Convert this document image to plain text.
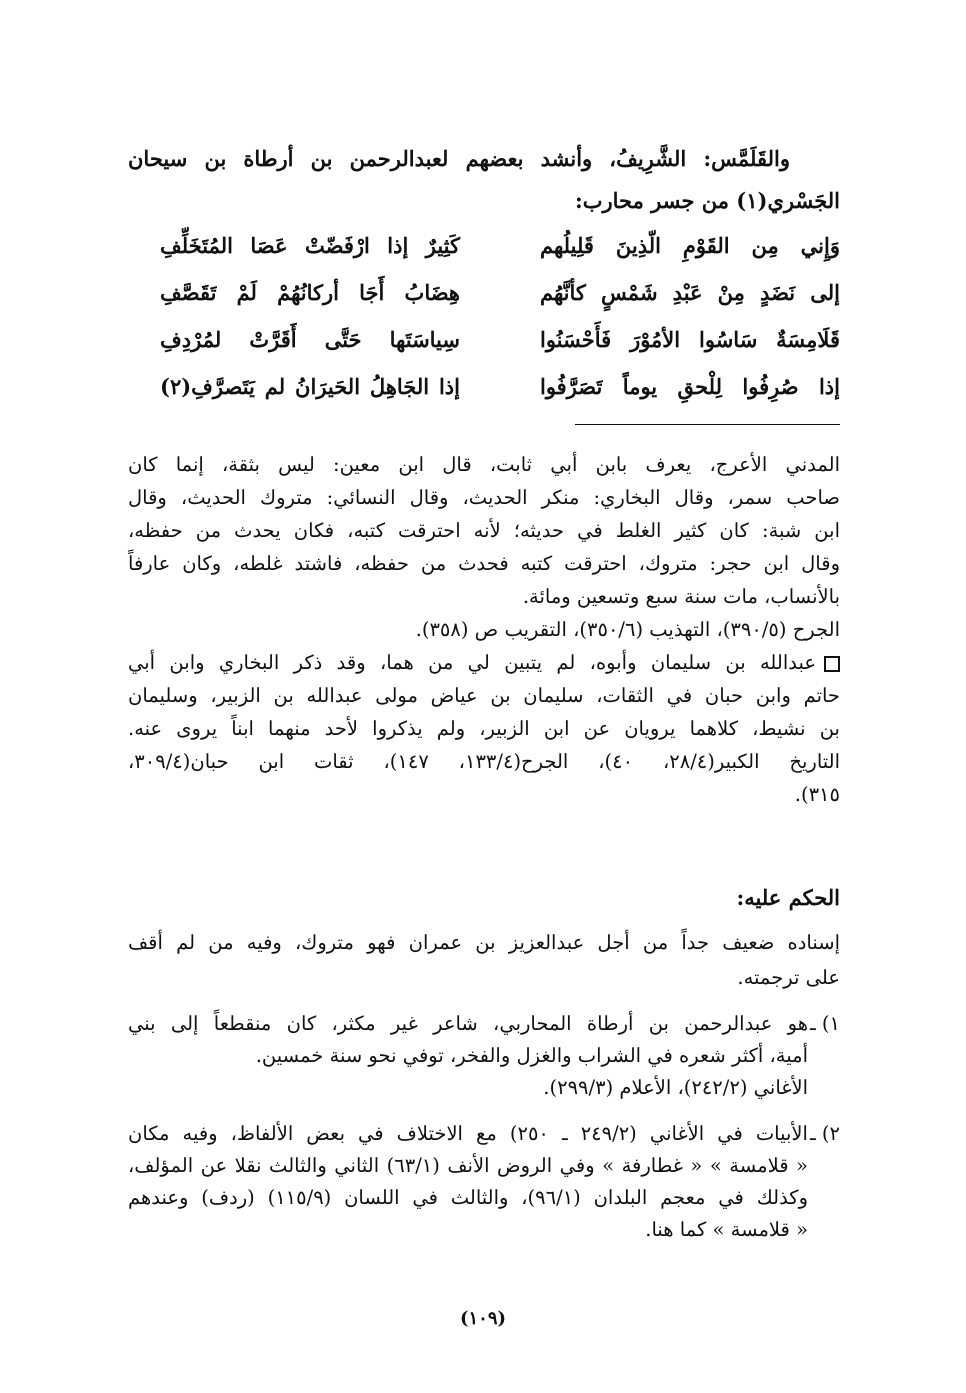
والقَلَمَّس: الشَّرِيفُ، وأنشد بعضهم لعبدالرحمن بن أرطاة بن سيحان
الجَسْري(١) من جسر محارب:
وَإِني مِن القَوْمِ الّذِينَ قَلِيلُهم
كَثِيرٌ إذا ارْفَضّتْ عَصَا المُتَخَلِّفِ
إلى نَضَدٍ مِنْ عَبْدِ شَمْسٍ كأنَّهُم
هِضَابُ أَجَا أركانُهُمْ لَمْ تَقَصَّفِ
قَلَامِسَةٌ سَاسُوا الأمُوْرَ فَأَحْسَنُوا
سِياسَتَها حَتَّى أَقَرَّتْ لمُرْدِفِ
إذا صُرِفُوا لِلْحقِ يوماً تَصَرَّفُوا
إذا الجَاهِلُ الحَيرَانُ لم يَتَصرَّفِ(٢)

المدني الأعرج، يعرف بابن أبي ثابت، قال ابن معين: ليس بثقة، إنما كان

صاحب سمر، وقال البخاري: منكر الحديث، وقال النسائي: متروك الحديث، وقال

ابن شبة: كان كثير الغلط في حديثه؛ لأنه احترقت كتبه، فكان يحدث من حفظه،

وقال ابن حجر: متروك، احترقت كتبه فحدث من حفظه، فاشتد غلطه، وكان عارفاً

بالأنساب، مات سنة سبع وتسعين ومائة.

الجرح (٣٩٠/٥)، التهذيب (٣٥٠/٦)، التقريب ص (٣٥٨).

عبدالله بن سليمان وأبوه، لم يتبين لي من هما، وقد ذكر البخاري وابن أبي

حاتم وابن حبان في الثقات، سليمان بن عياض مولى عبدالله بن الزبير، وسليمان

بن نشيط، كلاهما يرويان عن ابن الزبير، ولم يذكروا لأحد منهما ابناً يروى عنه.

التاريخ الكبير(٢٨/٤، ٤٠)، الجرح(١٣٣/٤، ١٤٧)، ثقات ابن حبان(٣٠٩/٤،

٣١٥).

الحكم عليه:

إسناده ضعيف جداً من أجل عبدالعزيز بن عمران فهو متروك، وفيه من لم أقف

على ترجمته.

١) ـ

هو عبدالرحمن بن أرطاة المحاربي، شاعر غير مكثر، كان منقطعاً إلى بني

أمية، أكثر شعره في الشراب والغزل والفخر، توفي نحو سنة خمسين.

الأغاني (٢٤٢/٢)، الأعلام (٢٩٩/٣).

٢) ـ

الأبيات في الأغاني (٢٤٩/٢ ـ ٢٥٠) مع الاختلاف في بعض الألفاظ، وفيه مكان

« قلامسة » « غطارفة » وفي الروض الأنف (٦٣/١) الثاني والثالث نقلا عن المؤلف،

وكذلك في معجم البلدان (٩٦/١)، والثالث في اللسان (١١٥/٩) (ردف) وعندهم

« قلامسة » كما هنا.

(١٠٩)
